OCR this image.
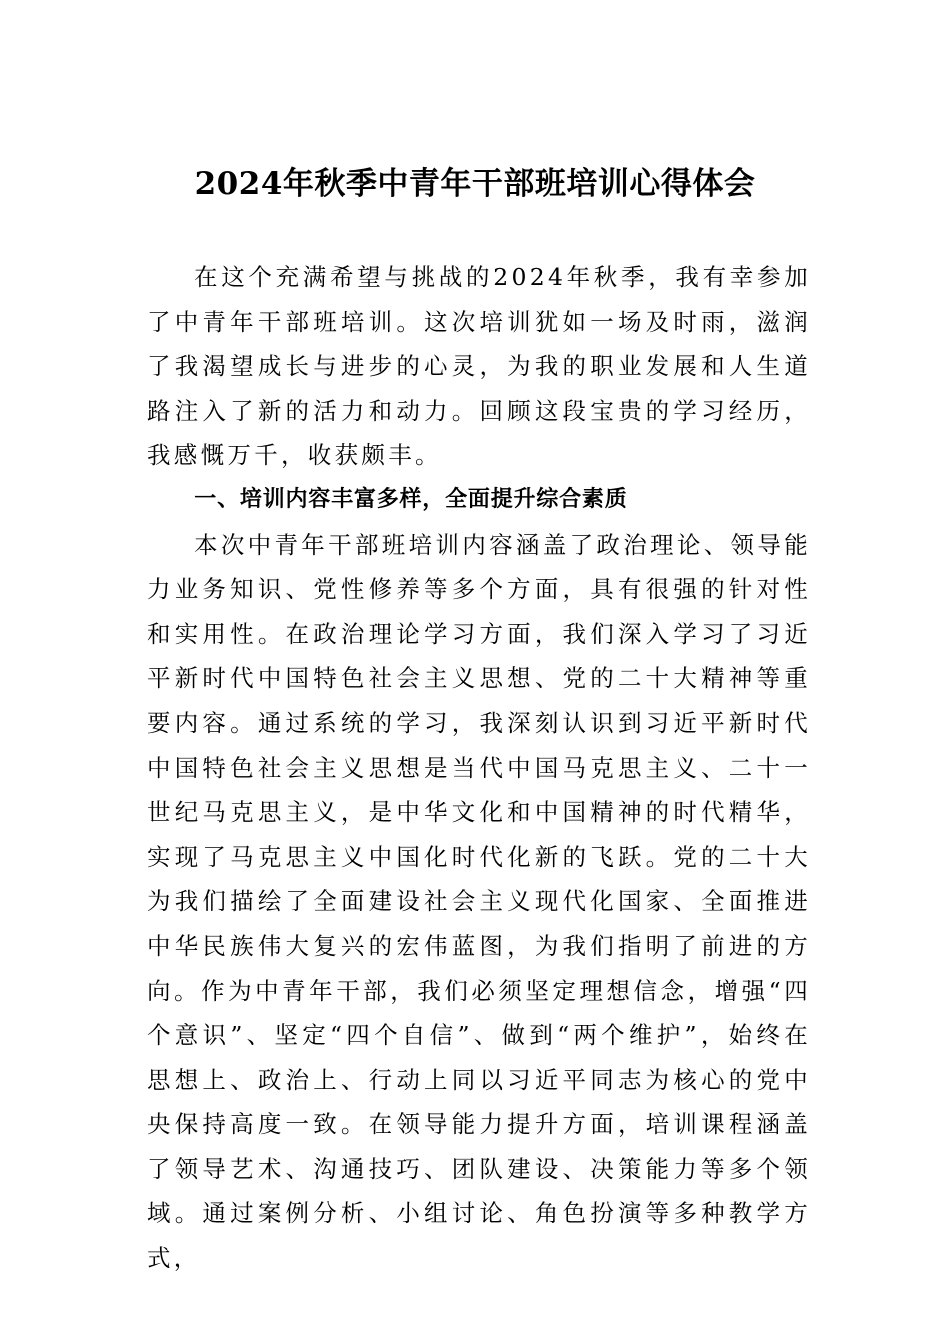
2024年秋季中青年干部班培训心得体会

在这个充满希望与挑战的2024年秋季，我有幸参加了中青年干部班培训。这次培训犹如一场及时雨，滋润了我渴望成长与进步的心灵，为我的职业发展和人生道路注入了新的活力和动力。回顾这段宝贵的学习经历，我感慨万千，收获颇丰。

一、培训内容丰富多样，全面提升综合素质

本次中青年干部班培训内容涵盖了政治理论、领导能力业务知识、党性修养等多个方面，具有很强的针对性和实用性。在政治理论学习方面，我们深入学习了习近平新时代中国特色社会主义思想、党的二十大精神等重要内容。通过系统的学习，我深刻认识到习近平新时代中国特色社会主义思想是当代中国马克思主义、二十一世纪马克思主义，是中华文化和中国精神的时代精华，实现了马克思主义中国化时代化新的飞跃。党的二十大为我们描绘了全面建设社会主义现代化国家、全面推进中华民族伟大复兴的宏伟蓝图，为我们指明了前进的方向。作为中青年干部，我们必须坚定理想信念，增强“四个意识”、坚定“四个自信”、做到“两个维护”，始终在思想上、政治上、行动上同以习近平同志为核心的党中央保持高度一致。在领导能力提升方面，培训课程涵盖了领导艺术、沟通技巧、团队建设、决策能力等多个领域。通过案例分析、小组讨论、角色扮演等多种教学方式，
